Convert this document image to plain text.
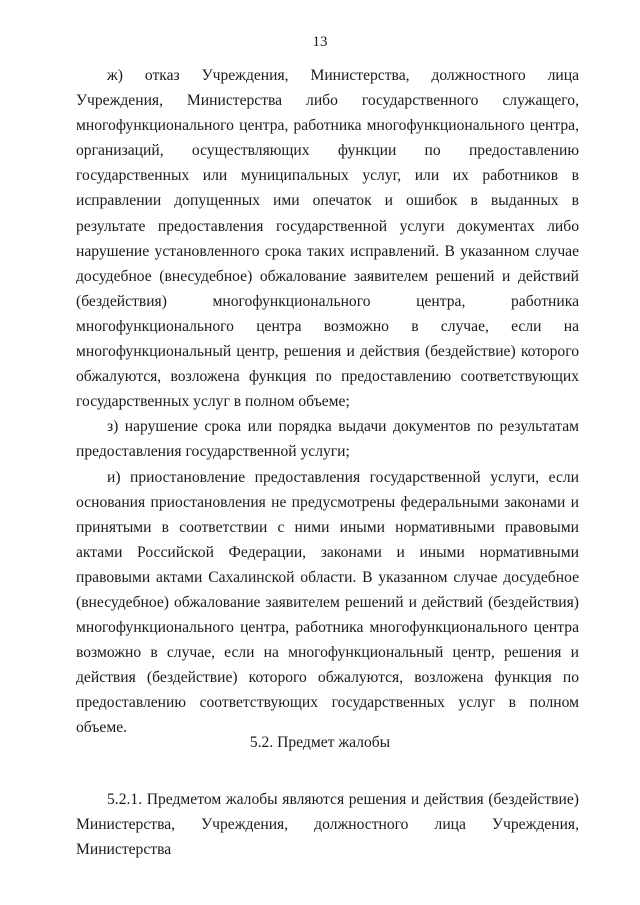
13

ж) отказ Учреждения, Министерства, должностного лица Учреждения, Министерства либо государственного служащего, многофункционального центра, работника многофункционального центра, организаций, осуществляющих функции по предоставлению государственных или муниципальных услуг, или их работников в исправлении допущенных ими опечаток и ошибок в выданных в результате предоставления государственной услуги документах либо нарушение установленного срока таких исправлений. В указанном случае досудебное (внесудебное) обжалование заявителем решений и действий (бездействия) многофункционального центра, работника многофункционального центра возможно в случае, если на многофункциональный центр, решения и действия (бездействие) которого обжалуются, возложена функция по предоставлению соответствующих государственных услуг в полном объеме;

з) нарушение срока или порядка выдачи документов по результатам предоставления государственной услуги;

и) приостановление предоставления государственной услуги, если основания приостановления не предусмотрены федеральными законами и принятыми в соответствии с ними иными нормативными правовыми актами Российской Федерации, законами и иными нормативными правовыми актами Сахалинской области. В указанном случае досудебное (внесудебное) обжалование заявителем решений и действий (бездействия) многофункционального центра, работника многофункционального центра возможно в случае, если на многофункциональный центр, решения и действия (бездействие) которого обжалуются, возложена функция по предоставлению соответствующих государственных услуг в полном объеме.

5.2. Предмет жалобы

5.2.1. Предметом жалобы являются решения и действия (бездействие) Министерства, Учреждения, должностного лица Учреждения, Министерства
